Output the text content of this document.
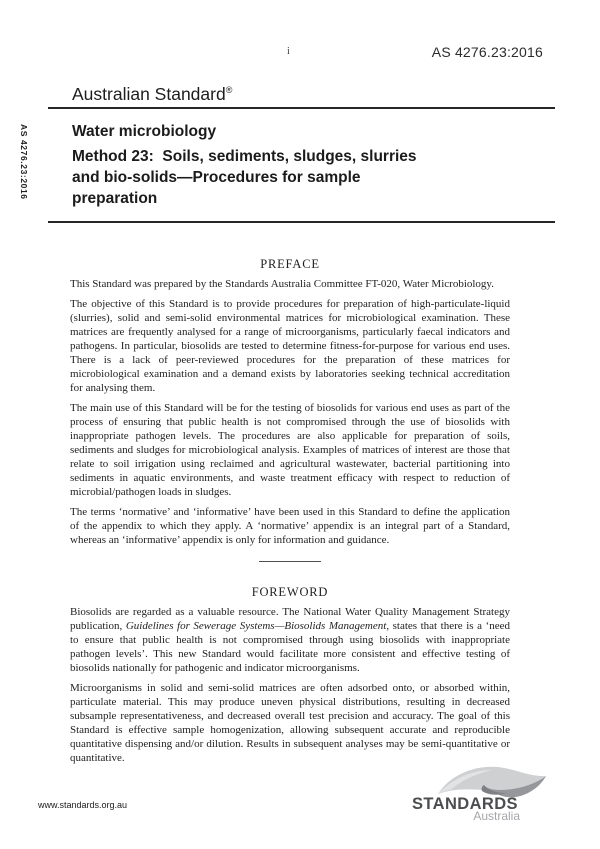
AS 4276.23:2016
i
Australian Standard®
AS 4276.23:2016	Water microbiology
Method 23:  Soils, sediments, sludges, slurries
and bio-solids—Procedures for sample
preparation
PREFACE

This Standard was prepared by the Standards Australia Committee FT-020, Water Microbiology.

The objective of this Standard is to provide procedures for preparation of high-particulate-liquid (slurries), solid and semi-solid environmental matrices for microbiological examination. These matrices are frequently analysed for a range of microorganisms, particularly faecal indicators and pathogens. In particular, biosolids are tested to determine fitness-for-purpose for various end uses. There is a lack of peer-reviewed procedures for the preparation of these matrices for microbiological examination and a demand exists by laboratories seeking technical accreditation for analysing them.

The main use of this Standard will be for the testing of biosolids for various end uses as part of the process of ensuring that public health is not compromised through the use of biosolids with inappropriate pathogen levels. The procedures are also applicable for preparation of soils, sediments and sludges for microbiological analysis. Examples of matrices of interest are those that relate to soil irrigation using reclaimed and agricultural wastewater, bacterial partitioning into sediments in aquatic environments, and waste treatment efficacy with respect to reduction of microbial/pathogen loads in sludges.

The terms ‘normative’ and ‘informative’ have been used in this Standard to define the application of the appendix to which they apply. A ‘normative’ appendix is an integral part of a Standard, whereas an ‘informative’ appendix is only for information and guidance.

FOREWORD

Biosolids are regarded as a valuable resource. The National Water Quality Management Strategy publication, Guidelines for Sewerage Systems—Biosolids Management, states that there is a ‘need to ensure that public health is not compromised through using biosolids with inappropriate pathogen levels’. This new Standard would facilitate more consistent and effective testing of biosolids nationally for pathogenic and indicator microorganisms.

Microorganisms in solid and semi-solid matrices are often adsorbed onto, or absorbed within, particulate material. This may produce uneven physical distributions, resulting in decreased subsample representativeness, and decreased overall test precision and accuracy. The goal of this Standard is effective sample homogenization, allowing subsequent accurate and reproducible quantitative dispensing and/or dilution. Results in subsequent analyses may be semi-quantitative or quantitative.

www.standards.org.au	STANDARDS
Australia
